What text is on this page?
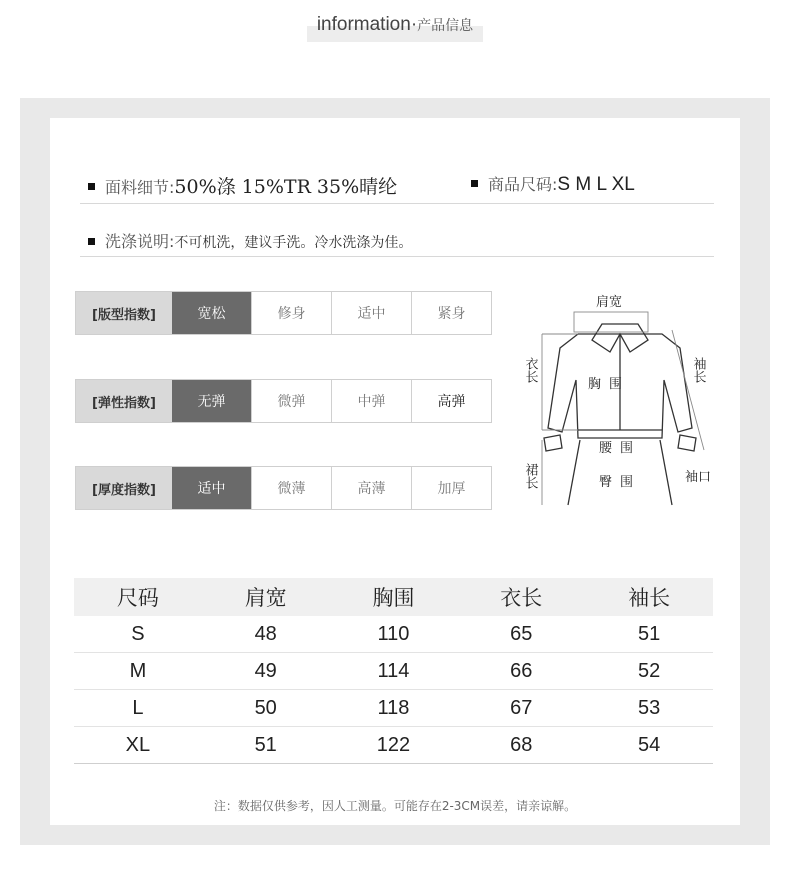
information·产品信息
面料细节:50%涤 15%TR 35%晴纶	商品尺码:S M L XL
洗涤说明:不可机洗，建议手洗。冷水洗涤为佳。
[版型指数]	宽松	修身	适中	紧身
[弹性指数]	无弹	微弹	中弹	高弹
[厚度指数]	适中	微薄	高薄	加厚
肩宽
胸围
腰围
臀围	袖口
衣长	袖长
裙长
尺码	肩宽	胸围	衣长	袖长
S	48	110	65	51
M	49	114	66	52
L	50	118	67	53
XL	51	122	68	54
注：数据仅供参考，因人工测量。可能存在2-3CM误差，请亲谅解。
